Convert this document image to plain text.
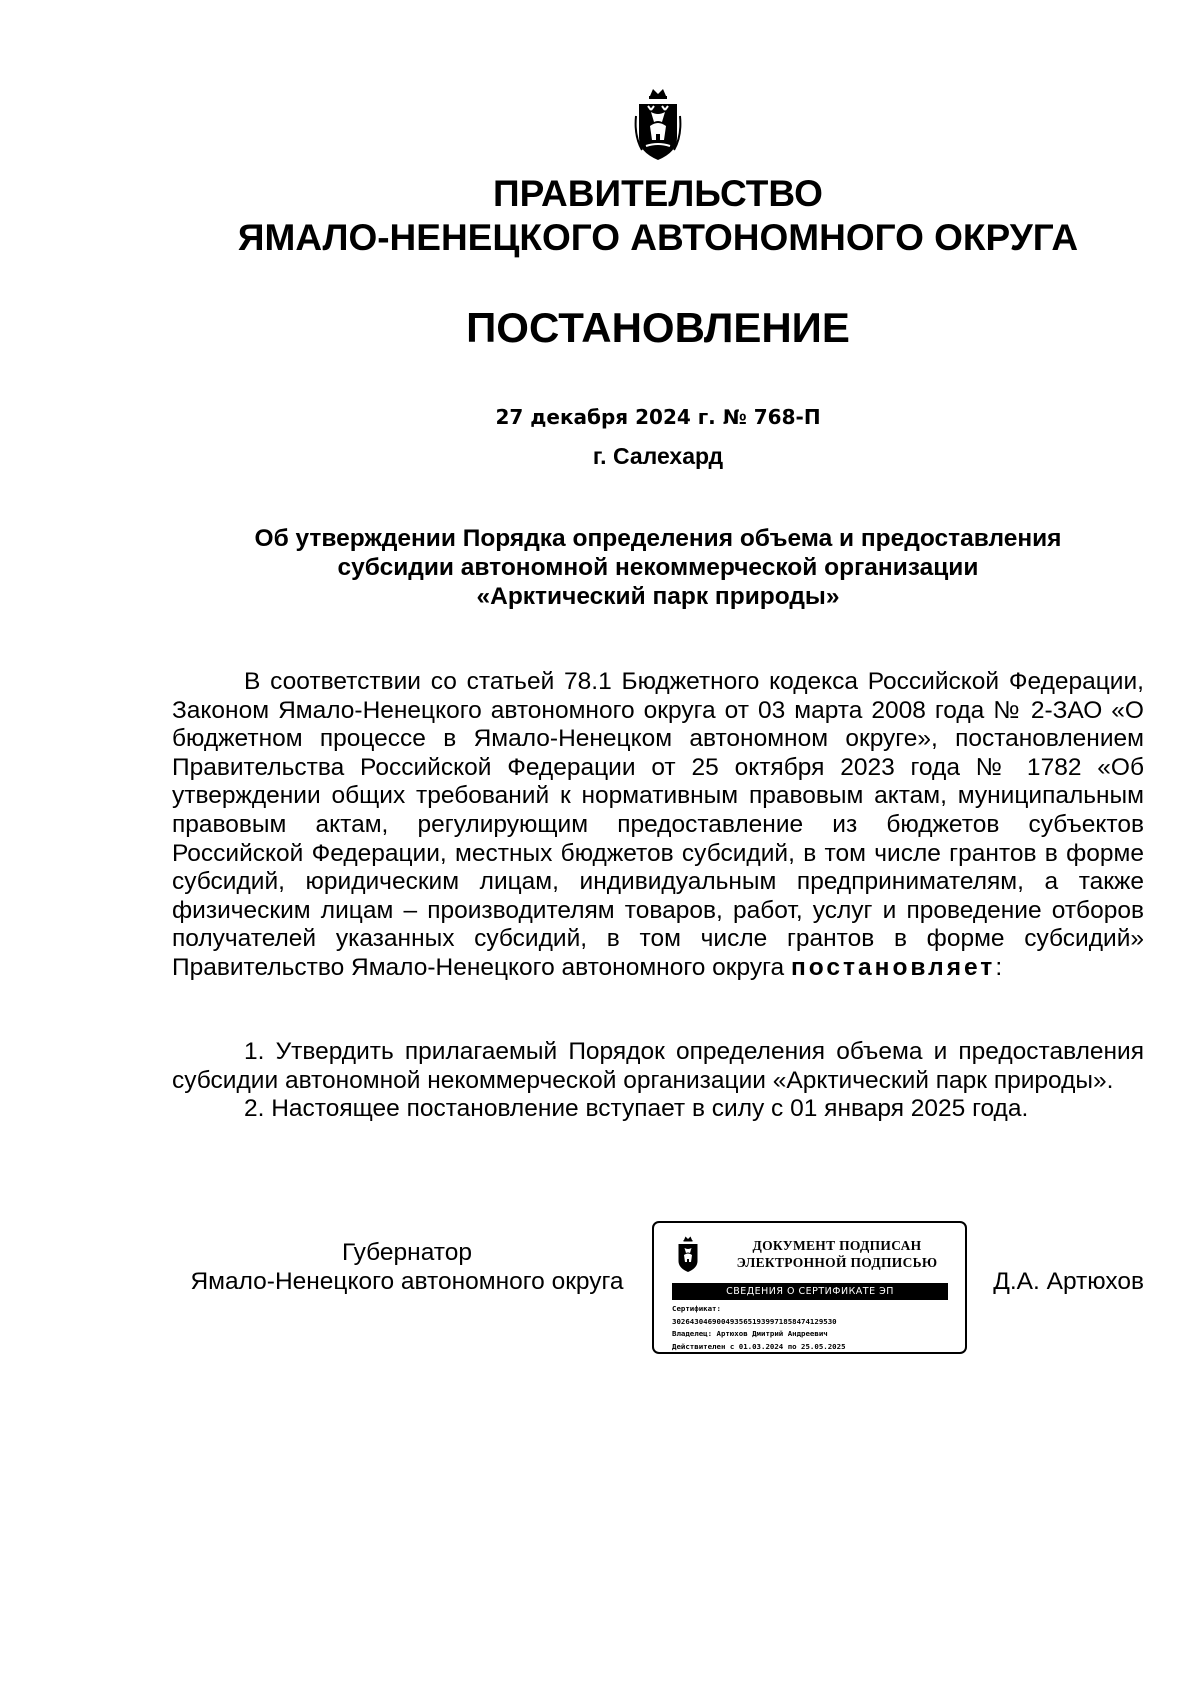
ПРАВИТЕЛЬСТВО
ЯМАЛО-НЕНЕЦКОГО АВТОНОМНОГО ОКРУГА
ПОСТАНОВЛЕНИЕ
27 декабря 2024 г. № 768-П
г. Салехард
Об утверждении Порядка определения объема и предоставления
субсидии автономной некоммерческой организации
«Арктический парк природы»

В соответствии со статьей 78.1 Бюджетного кодекса Российской Федерации, Законом Ямало-Ненецкого автономного округа от 03 марта 2008 года № 2-ЗАО «О бюджетном процессе в Ямало-Ненецком автономном округе», постановлением Правительства Российской Федерации от 25 октября 2023 года № 1782 «Об утверждении общих требований к нормативным правовым актам, муниципальным правовым актам, регулирующим предоставление из бюджетов субъектов Российской Федерации, местных бюджетов субсидий, в том числе грантов в форме субсидий, юридическим лицам, индивидуальным предпринимателям, а также физическим лицам – производителям товаров, работ, услуг и проведение отборов получателей указанных субсидий, в том числе грантов в форме субсидий» Правительство Ямало-Ненецкого автономного округа постановляет:

1. Утвердить прилагаемый Порядок определения объема и предоставления субсидии автономной некоммерческой организации «Арктический парк природы».

2. Настоящее постановление вступает в силу с 01 января 2025 года.

Губернатор
Ямало-Ненецкого автономного округа
ДОКУМЕНТ ПОДПИСАН
ЭЛЕКТРОННОЙ ПОДПИСЬЮ
СВЕДЕНИЯ О СЕРТИФИКАТЕ ЭП
Сертификат:
3026430469004935651939971858474129530
Владелец: Артюхов Дмитрий Андреевич
Действителен с 01.03.2024 по 25.05.2025
Д.А. Артюхов
